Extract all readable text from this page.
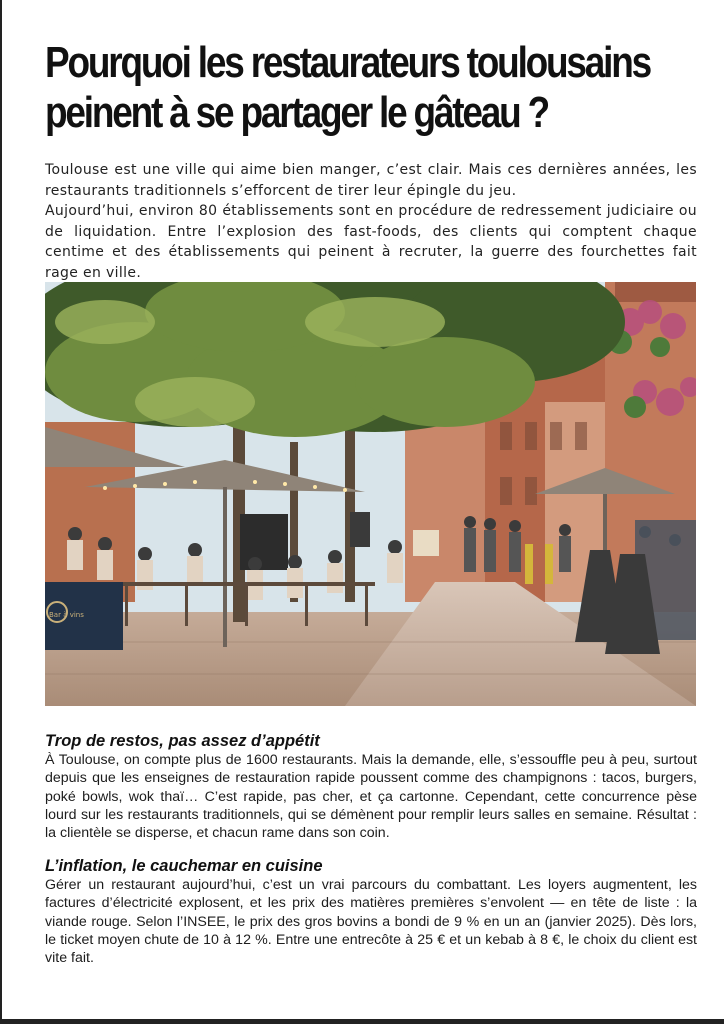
Pourquoi les restaurateurs toulousains
peinent à se partager le gâteau ?

Toulouse est une ville qui aime bien manger, c’est clair. Mais ces dernières années, les restaurants traditionnels s’efforcent de tirer leur épingle du jeu.

Aujourd’hui, environ 80 établissements sont en procédure de redressement judiciaire ou de liquidation. Entre l’explosion des fast-foods, des clients qui comptent chaque centime et des établissements qui peinent à recruter, la guerre des fourchettes fait rage en ville.

Bar à vins
Trop de restos, pas assez d’appétit

À Toulouse, on compte plus de 1600 restaurants. Mais la demande, elle, s’essouffle peu à peu, surtout depuis que les enseignes de restauration rapide poussent comme des champignons : tacos, burgers, poké bowls, wok thaï… C’est rapide, pas cher, et ça cartonne. Cependant, cette concurrence pèse lourd sur les restaurants traditionnels, qui se démènent pour remplir leurs salles en semaine. Résultat : la clientèle se disperse, et chacun rame dans son coin.

L’inflation, le cauchemar en cuisine

Gérer un restaurant aujourd’hui, c’est un vrai parcours du combattant. Les loyers augmentent, les factures d’électricité explosent, et les prix des matières premières s’envolent — en tête de liste : la viande rouge. Selon l’INSEE, le prix des gros bovins a bondi de 9 % en un an (janvier 2025). Dès lors, le ticket moyen chute de 10 à 12 %. Entre une entrecôte à 25 € et un kebab à 8 €, le choix du client est vite fait.
